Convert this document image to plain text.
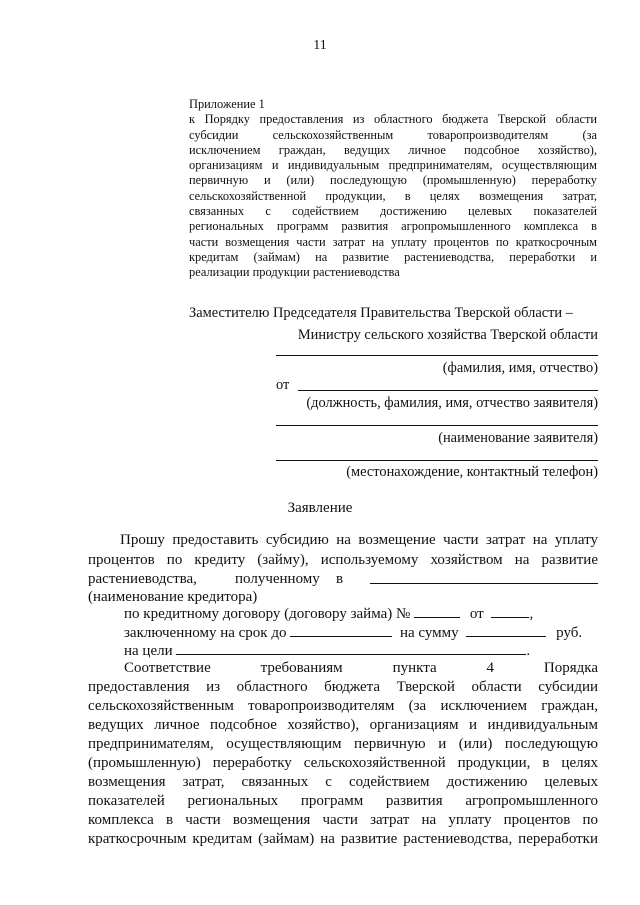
11
Приложение 1
к Порядку предоставления из областного бюджета Тверской области
субсидии сельскохозяйственным товаропроизводителям (за
исключением граждан, ведущих личное подсобное хозяйство),
организациям и индивидуальным предпринимателям, осуществляющим
первичную и (или) последующую (промышленную) переработку
сельскохозяйственной продукции, в целях возмещения затрат,
связанных с содействием достижению целевых показателей
региональных программ развития агропромышленного комплекса в
части возмещения части затрат на уплату процентов по краткосрочным
кредитам (займам) на развитие растениеводства, переработки и
реализации продукции растениеводства
Заместителю Председателя Правительства Тверской области –
Министру сельского хозяйства Тверской области
(фамилия, имя, отчество)
от
(должность, фамилия, имя, отчество заявителя)
(наименование заявителя)
(местонахождение, контактный телефон)
Заявление
Прошу предоставить субсидию на возмещение части затрат на уплату
процентов по кредиту (займу), используемому хозяйством на развитие
растениеводства,	полученному в
(наименование кредитора)
по кредитному договору (договору займа) №	от	,
заключенному на срок до	на сумму	руб.
на цели	.
Соответствие требованиям пункта 4 Порядка
предоставления из областного бюджета Тверской области субсидии
сельскохозяйственным товаропроизводителям (за исключением граждан,
ведущих личное подсобное хозяйство), организациям и индивидуальным
предпринимателям, осуществляющим первичную и (или) последующую
(промышленную) переработку сельскохозяйственной продукции, в целях
возмещения затрат, связанных с содействием достижению целевых
показателей региональных программ развития агропромышленного
комплекса в части возмещения части затрат на уплату процентов по
краткосрочным кредитам (займам) на развитие растениеводства, переработки
